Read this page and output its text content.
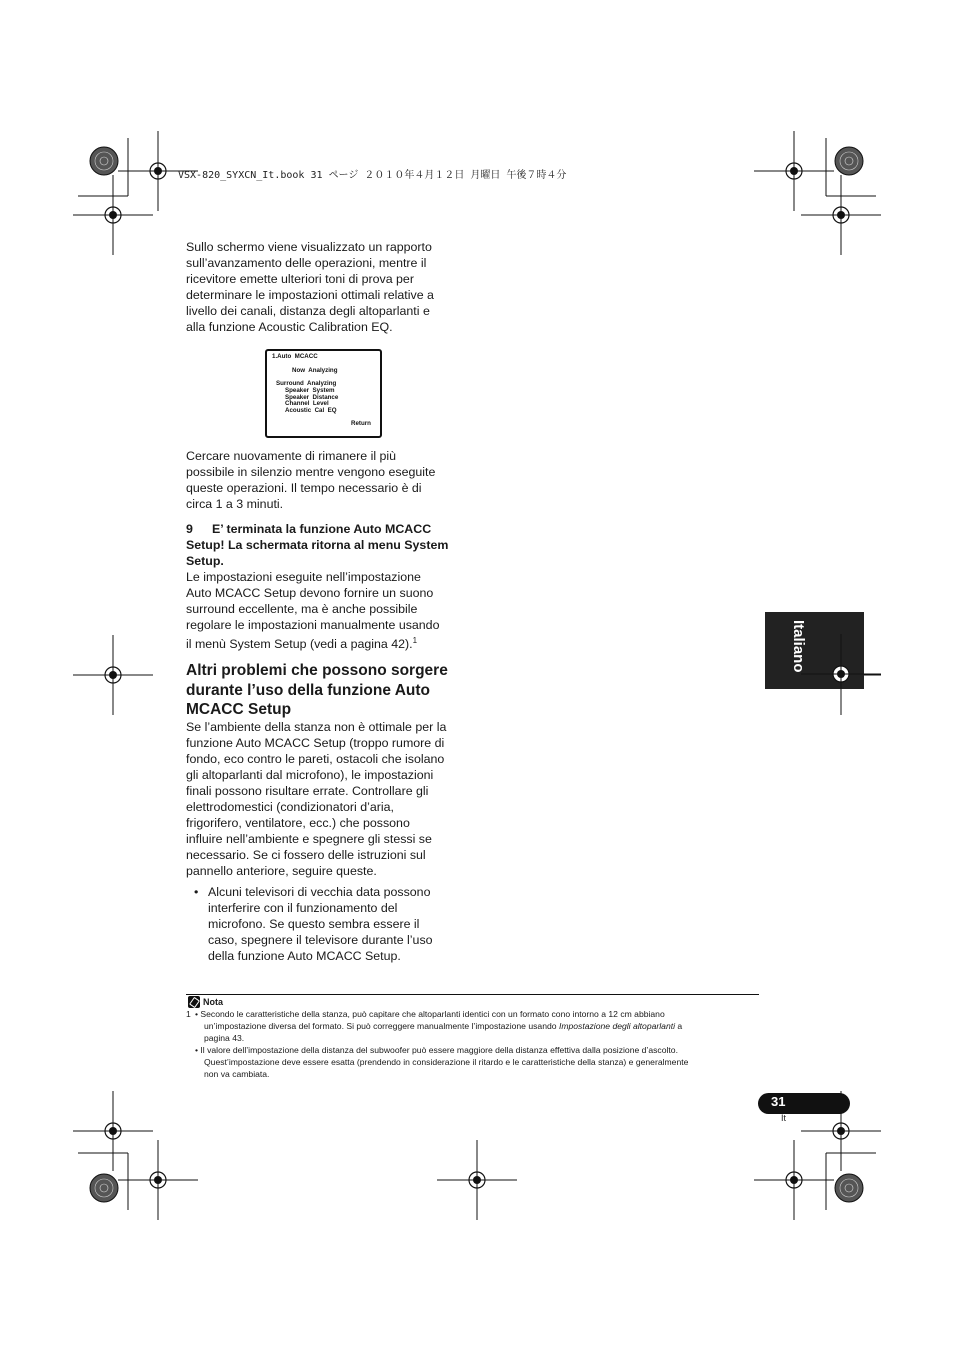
VSX-820_SYXCN_It.book 31 ページ ２０１０年４月１２日 月曜日 午後７時４分

Sullo schermo viene visualizzato un rapporto

sull’avanzamento delle operazioni, mentre il

ricevitore emette ulteriori toni di prova per

determinare le impostazioni ottimali relative a

livello dei canali, distanza degli altoparlanti e

alla funzione Acoustic Calibration EQ.

1.Auto  MCACC
Now  Analyzing
Surround  Analyzing
Speaker  System
Speaker  Distance
Channel  Level
Acoustic  Cal  EQ
Return

Cercare nuovamente di rimanere il più

possibile in silenzio mentre vengono eseguite

queste operazioni. Il tempo necessario è di

circa 1 a 3 minuti.

9 E’ terminata la funzione Auto MCACC
Setup! La schermata ritorna al menu System
Setup.

Le impostazioni eseguite nell’impostazione

Auto MCACC Setup devono fornire un suono

surround eccellente, ma è anche possibile

regolare le impostazioni manualmente usando

il menù System Setup (vedi a pagina 42).$^1$

Altri problemi che possono sorgere
durante l’uso della funzione Auto
MCACC Setup

Se l’ambiente della stanza non è ottimale per la

funzione Auto MCACC Setup (troppo rumore di

fondo, eco contro le pareti, ostacoli che isolano

gli altoparlanti dal microfono), le impostazioni

finali possono risultare errate. Controllare gli

elettrodomestici (condizionatori d’aria,

frigorifero, ventilatore, ecc.) che possono

influire nell’ambiente e spegnere gli stessi se

necessario. Se ci fossero delle istruzioni sul

pannello anteriore, seguire queste.

• Alcuni televisori di vecchia data possono

interferire con il funzionamento del

microfono. Se questo sembra essere il

caso, spegnere il televisore durante l’uso

della funzione Auto MCACC Setup.

Italiano
Nota
1 • Secondo le caratteristiche della stanza, può capitare che altoparlanti identici con un formato cono intorno a 12 cm abbiano
un’impostazione diversa del formato. Si può correggere manualmente l’impostazione usando Impostazione degli altoparlanti a
pagina 43.
• Il valore dell’impostazione della distanza del subwoofer può essere maggiore della distanza effettiva dalla posizione d’ascolto.
Quest’impostazione deve essere esatta (prendendo in considerazione il ritardo e le caratteristiche della stanza) e generalmente
non va cambiata.
31
It
